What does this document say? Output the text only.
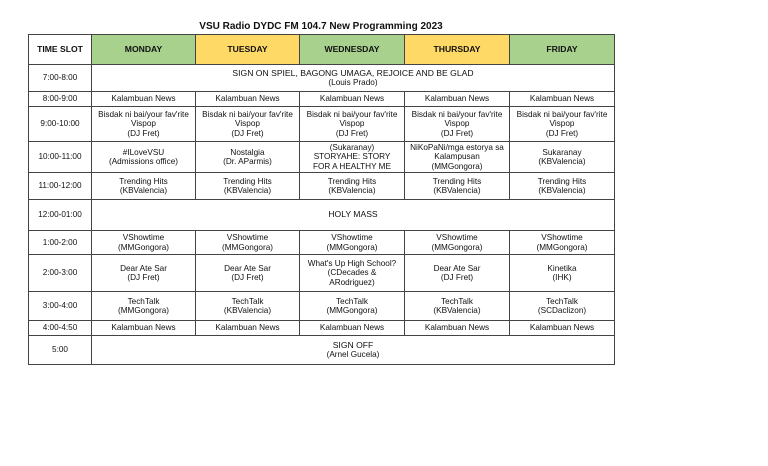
VSU Radio DYDC FM 104.7 New Programming 2023
TIME SLOT	MONDAY	TUESDAY	WEDNESDAY	THURSDAY	FRIDAY
7:00-8:00	SIGN ON SPIEL, BAGONG UMAGA, REJOICE AND BE GLAD
(Louis Prado)				

8:00-9:00	Kalambuan News	Kalambuan News	Kalambuan News	Kalambuan News	Kalambuan News

9:00-10:00	Bisdak ni bai/your fav'rite
Vispop
(DJ Fret)	Bisdak ni bai/your fav'rite
Vispop
(DJ Fret)	Bisdak ni bai/your fav'rite
Vispop
(DJ Fret)	Bisdak ni bai/your fav'rite
Vispop
(DJ Fret)	Bisdak ni bai/your fav'rite
Vispop
(DJ Fret)

10:00-11:00	#ILoveVSU
(Admissions office)	Nostalgia
(Dr. AParmis)	(Sukaranay)
STORYAHE: STORY
FOR A HEALTHY ME	NiKoPaNi/mga estorya sa
Kalampusan
(MMGongora)	Sukaranay
(KBValencia)

11:00-12:00	Trending Hits
(KBValencia)	Trending Hits
(KBValencia)	Trending Hits
(KBValencia)	Trending Hits
(KBValencia)	Trending Hits
(KBValencia)

12:00-01:00	HOLY MASS				

1:00-2:00	VShowtime
(MMGongora)	VShowtime
(MMGongora)	VShowtime
(MMGongora)	VShowtime
(MMGongora)	VShowtime
(MMGongora)

2:00-3:00	Dear Ate Sar
(DJ Fret)	Dear Ate Sar
(DJ Fret)	What's Up High School?
(CDecades &
ARodriguez)	Dear Ate Sar
(DJ Fret)	Kinetika
(IHK)

3:00-4:00	TechTalk
(MMGongora)	TechTalk
(KBValencia)	TechTalk
(MMGongora)	TechTalk
(KBValencia)	TechTalk
(SCDaclizon)

4:00-4:50	Kalambuan News	Kalambuan News	Kalambuan News	Kalambuan News	Kalambuan News

5:00	SIGN OFF
(Arnel Gucela)				
